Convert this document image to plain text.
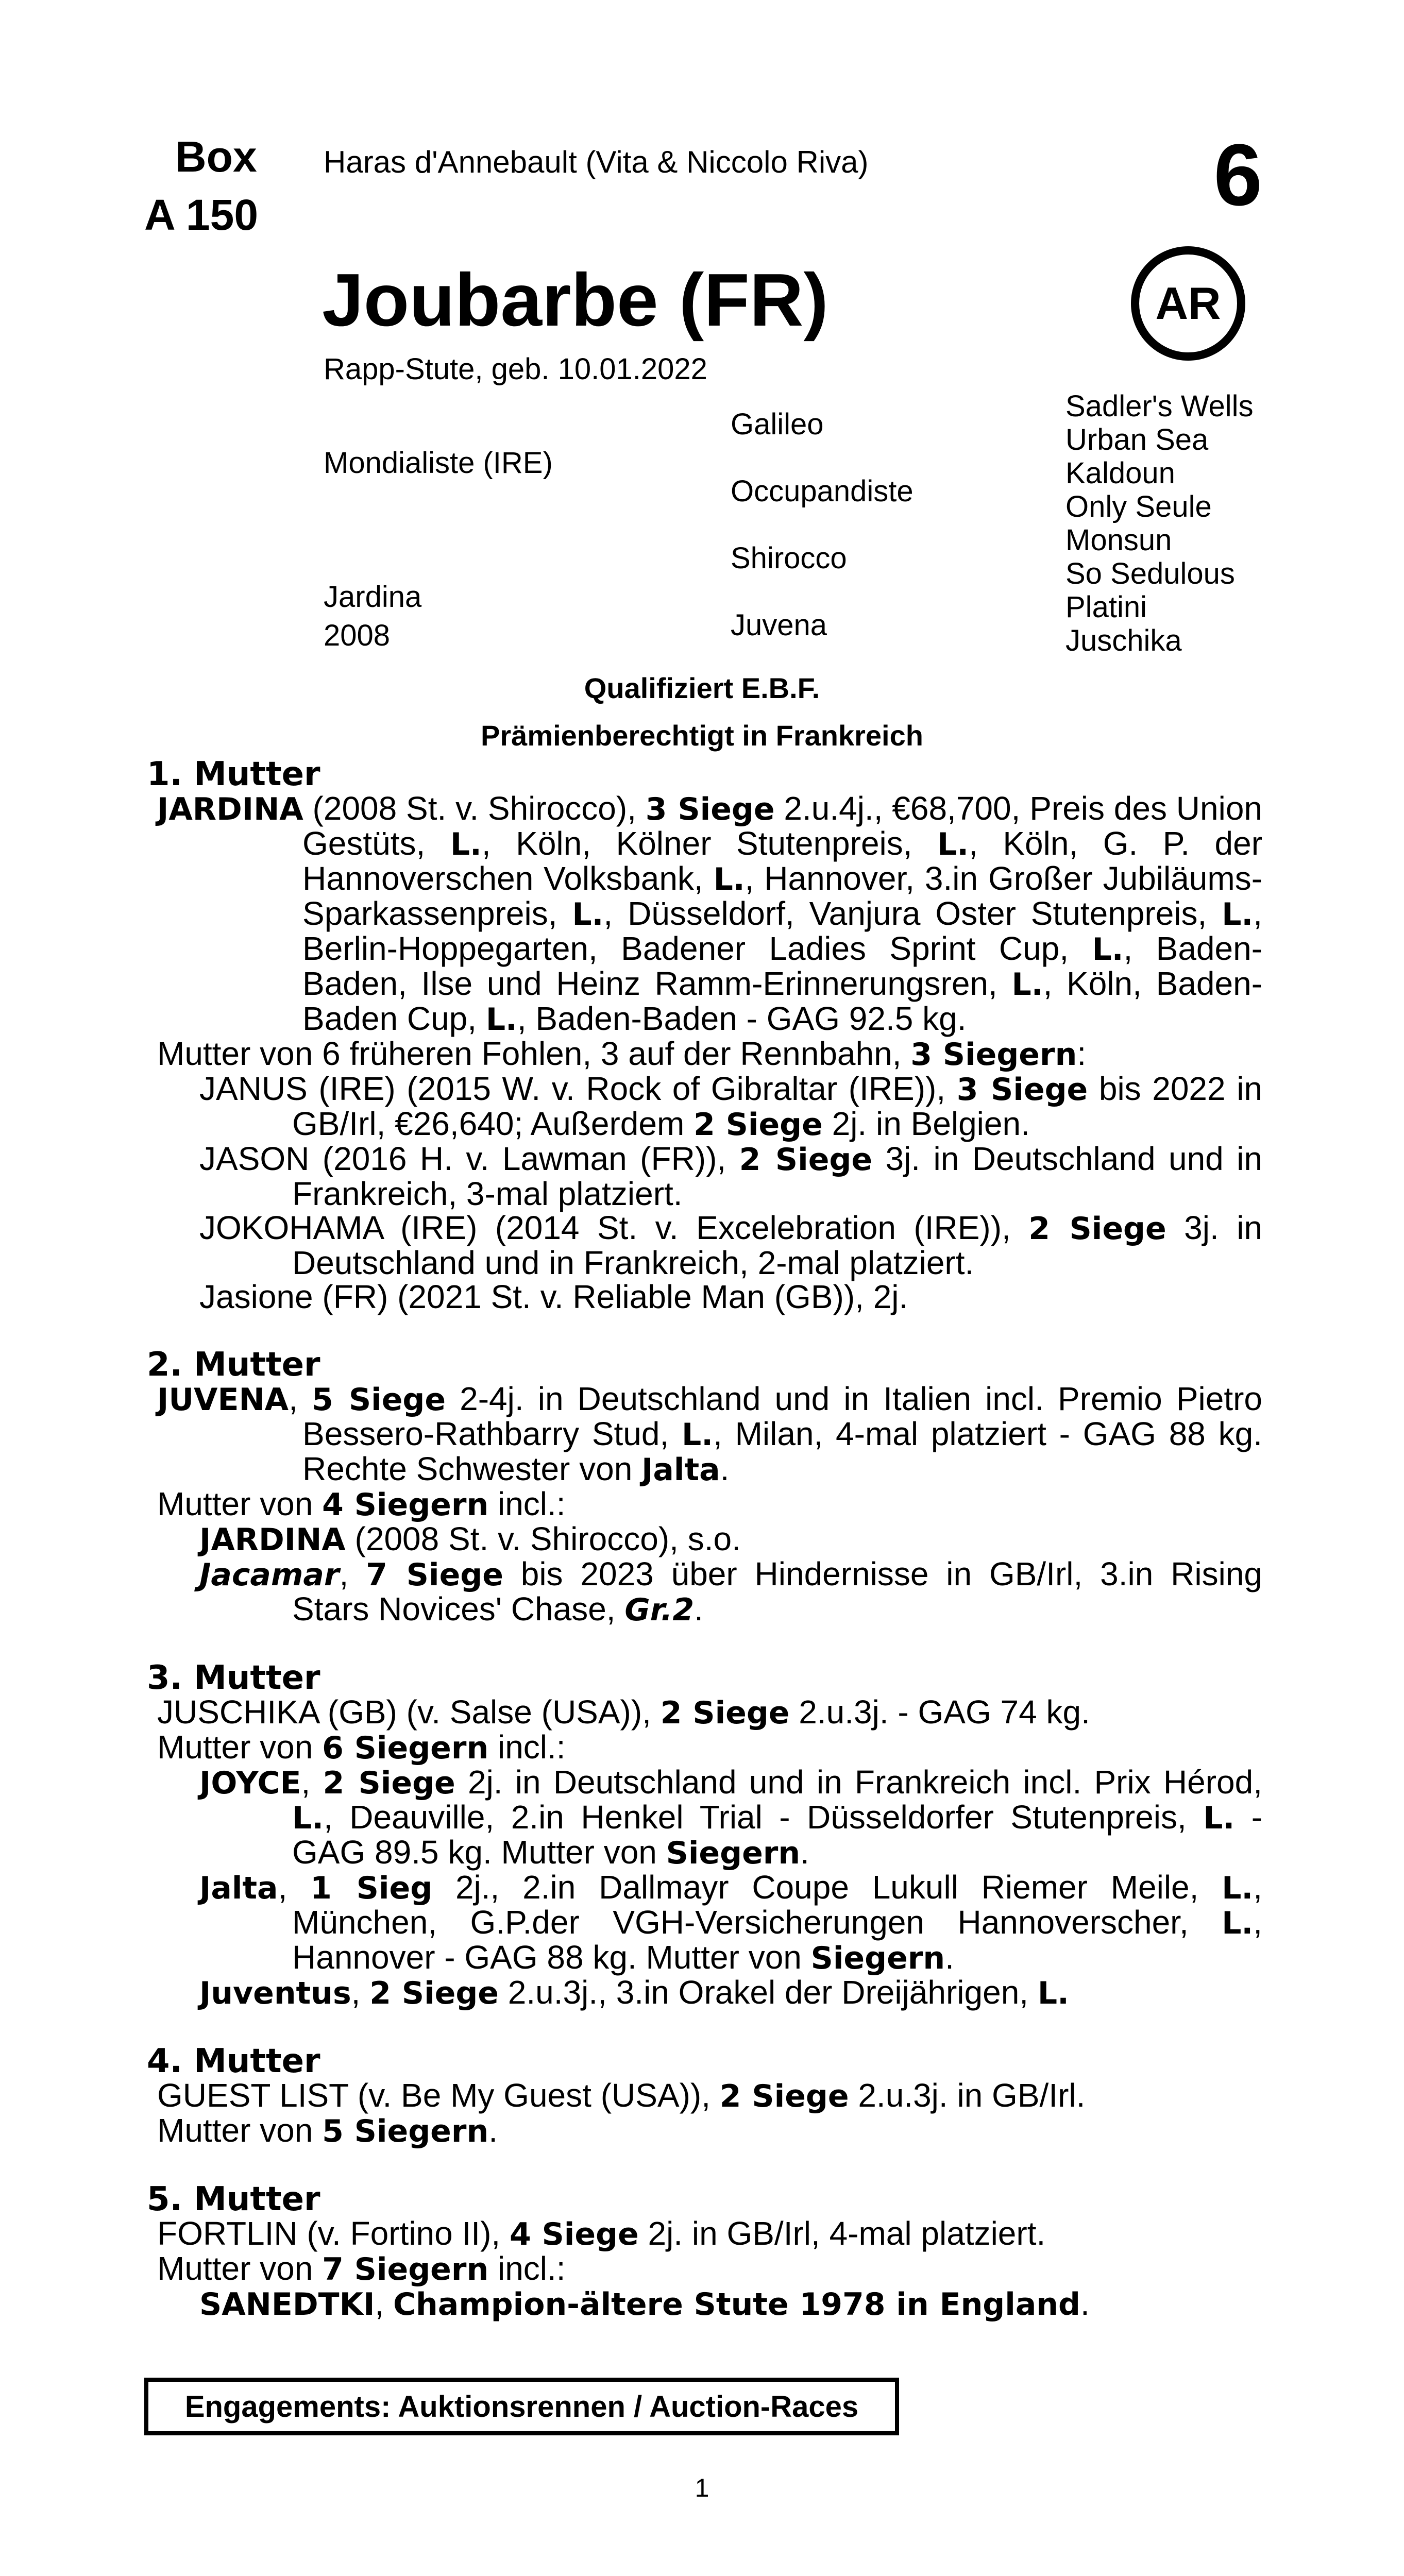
Box
A 150
Haras d'Annebault (Vita & Niccolo Riva)	6
Joubarbe (FR)	AR
Rapp-Stute, geb. 10.01.2022
Mondialiste (IRE)
Jardina
2008
Galileo
Occupandiste
Shirocco
Juvena
Sadler's Wells
Urban Sea
Kaldoun
Only Seule
Monsun
So Sedulous
Platini
Juschika
Qualifiziert E.B.F.
Prämienberechtigt in Frankreich
1. Mutter
JARDINA (2008 St. v. Shirocco), 3 Siege 2.u.4j., €68,700, Preis des Union Gestüts, L., Köln, Kölner Stutenpreis, L., Köln, G. P. der Hannoverschen Volksbank, L., Hannover, 3.in Großer Jubiläums-Sparkassenpreis, L., Düsseldorf, Vanjura Oster Stutenpreis, L., Berlin-Hoppegarten, Badener Ladies Sprint Cup, L., Baden-Baden, Ilse und Heinz Ramm-Erinnerungsren, L., Köln, Baden-Baden Cup, L., Baden-Baden - GAG 92.5 kg.
Mutter von 6 früheren Fohlen, 3 auf der Rennbahn, 3 Siegern:
JANUS (IRE) (2015 W. v. Rock of Gibraltar (IRE)), 3 Siege bis 2022 in GB/Irl, €26,640; Außerdem 2 Siege 2j. in Belgien.
JASON (2016 H. v. Lawman (FR)), 2 Siege 3j. in Deutschland und in Frankreich, 3-mal platziert.
JOKOHAMA (IRE) (2014 St. v. Excelebration (IRE)), 2 Siege 3j. in Deutschland und in Frankreich, 2-mal platziert.
Jasione (FR) (2021 St. v. Reliable Man (GB)), 2j.
2. Mutter
JUVENA, 5 Siege 2-4j. in Deutschland und in Italien incl. Premio Pietro Bessero-Rathbarry Stud, L., Milan, 4-mal platziert - GAG 88 kg. Rechte Schwester von Jalta.
Mutter von 4 Siegern incl.:
JARDINA (2008 St. v. Shirocco), s.o.
Jacamar, 7 Siege bis 2023 über Hindernisse in GB/Irl, 3.in Rising Stars Novices' Chase, Gr.2.
3. Mutter
JUSCHIKA (GB) (v. Salse (USA)), 2 Siege 2.u.3j. - GAG 74 kg.
Mutter von 6 Siegern incl.:
JOYCE, 2 Siege 2j. in Deutschland und in Frankreich incl. Prix Hérod, L., Deauville, 2.in Henkel Trial - Düsseldorfer Stutenpreis, L. - GAG 89.5 kg. Mutter von Siegern.
Jalta, 1 Sieg 2j., 2.in Dallmayr Coupe Lukull Riemer Meile, L., München, G.P.der VGH-Versicherungen Hannoverscher, L., Hannover - GAG 88 kg. Mutter von Siegern.
Juventus, 2 Siege 2.u.3j., 3.in Orakel der Dreijährigen, L.
4. Mutter
GUEST LIST (v. Be My Guest (USA)), 2 Siege 2.u.3j. in GB/Irl.
Mutter von 5 Siegern.
5. Mutter
FORTLIN (v. Fortino II), 4 Siege 2j. in GB/Irl, 4-mal platziert.
Mutter von 7 Siegern incl.:
SANEDTKI, Champion-ältere Stute 1978 in England.
Engagements: Auktionsrennen / Auction-Races
1
